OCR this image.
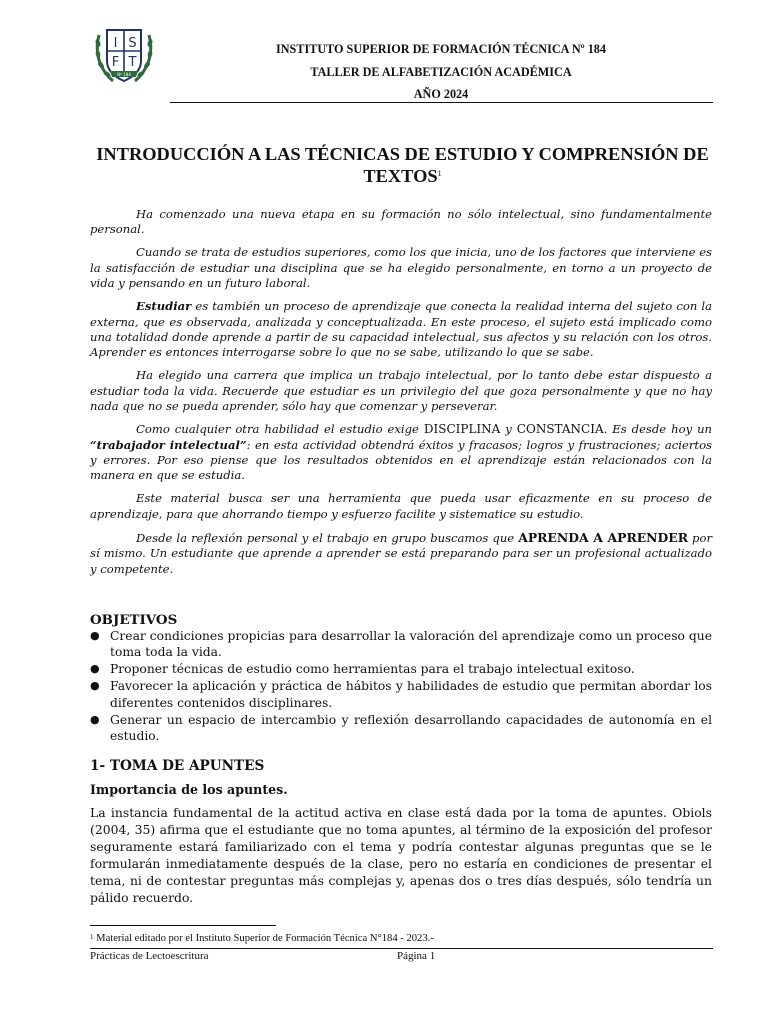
I S
F T
Nº 184
INSTITUTO SUPERIOR DE FORMACIÓN TÉCNICA Nº 184
TALLER DE ALFABETIZACIÓN ACADÉMICA
AÑO 2024
INTRODUCCIÓN A LAS TÉCNICAS DE ESTUDIO Y COMPRENSIÓN DE TEXTOS$^1$

Ha comenzado una nueva etapa en su formación no sólo intelectual, sino fundamentalmente personal.

Cuando se trata de estudios superiores, como los que inicia, uno de los factores que interviene es la satisfacción de estudiar una disciplina que se ha elegido personalmente, en torno a un proyecto de vida y pensando en un futuro laboral.

Estudiar es también un proceso de aprendizaje que conecta la realidad interna del sujeto con la externa, que es observada, analizada y conceptualizada. En este proceso, el sujeto está implicado como una totalidad donde aprende a partir de su capacidad intelectual, sus afectos y su relación con los otros. Aprender es entonces interrogarse sobre lo que no se sabe, utilizando lo que se sabe.

Ha elegido una carrera que implica un trabajo intelectual, por lo tanto debe estar dispuesto a estudiar toda la vida. Recuerde que estudiar es un privilegio del que goza personalmente y que no hay nada que no se pueda aprender, sólo hay que comenzar y perseverar.

Como cualquier otra habilidad el estudio exige DISCIPLINA y CONSTANCIA. Es desde hoy un “trabajador intelectual”: en esta actividad obtendrá éxitos y fracasos; logros y frustraciones; aciertos y errores. Por eso piense que los resultados obtenidos en el aprendizaje están relacionados con la manera en que se estudia.

Este material busca ser una herramienta que pueda usar eficazmente en su proceso de aprendizaje, para que ahorrando tiempo y esfuerzo facilite y sistematice su estudio.

Desde la reflexión personal y el trabajo en grupo buscamos que APRENDA A APRENDER por sí mismo. Un estudiante que aprende a aprender se está preparando para ser un profesional actualizado y competente.

OBJETIVOS
● Crear condiciones propicias para desarrollar la valoración del aprendizaje como un proceso que toma toda la vida.
● Proponer técnicas de estudio como herramientas para el trabajo intelectual exitoso.
● Favorecer la aplicación y práctica de hábitos y habilidades de estudio que permitan abordar los diferentes contenidos disciplinares.
● Generar un espacio de intercambio y reflexión desarrollando capacidades de autonomía en el estudio.
1- TOMA DE APUNTES
Importancia de los apuntes.

La instancia fundamental de la actitud activa en clase está dada por la toma de apuntes. Obiols (2004, 35) afirma que el estudiante que no toma apuntes, al término de la exposición del profesor seguramente estará familiarizado con el tema y podría contestar algunas preguntas que se le formularán inmediatamente después de la clase, pero no estaría en condiciones de presentar el tema, ni de contestar preguntas más complejas y, apenas dos o tres días después, sólo tendría un pálido recuerdo.

$^1$ Material editado por el Instituto Superior de Formación Técnica N°184 - 2023.-
Prácticas de Lectoescritura	Página 1
